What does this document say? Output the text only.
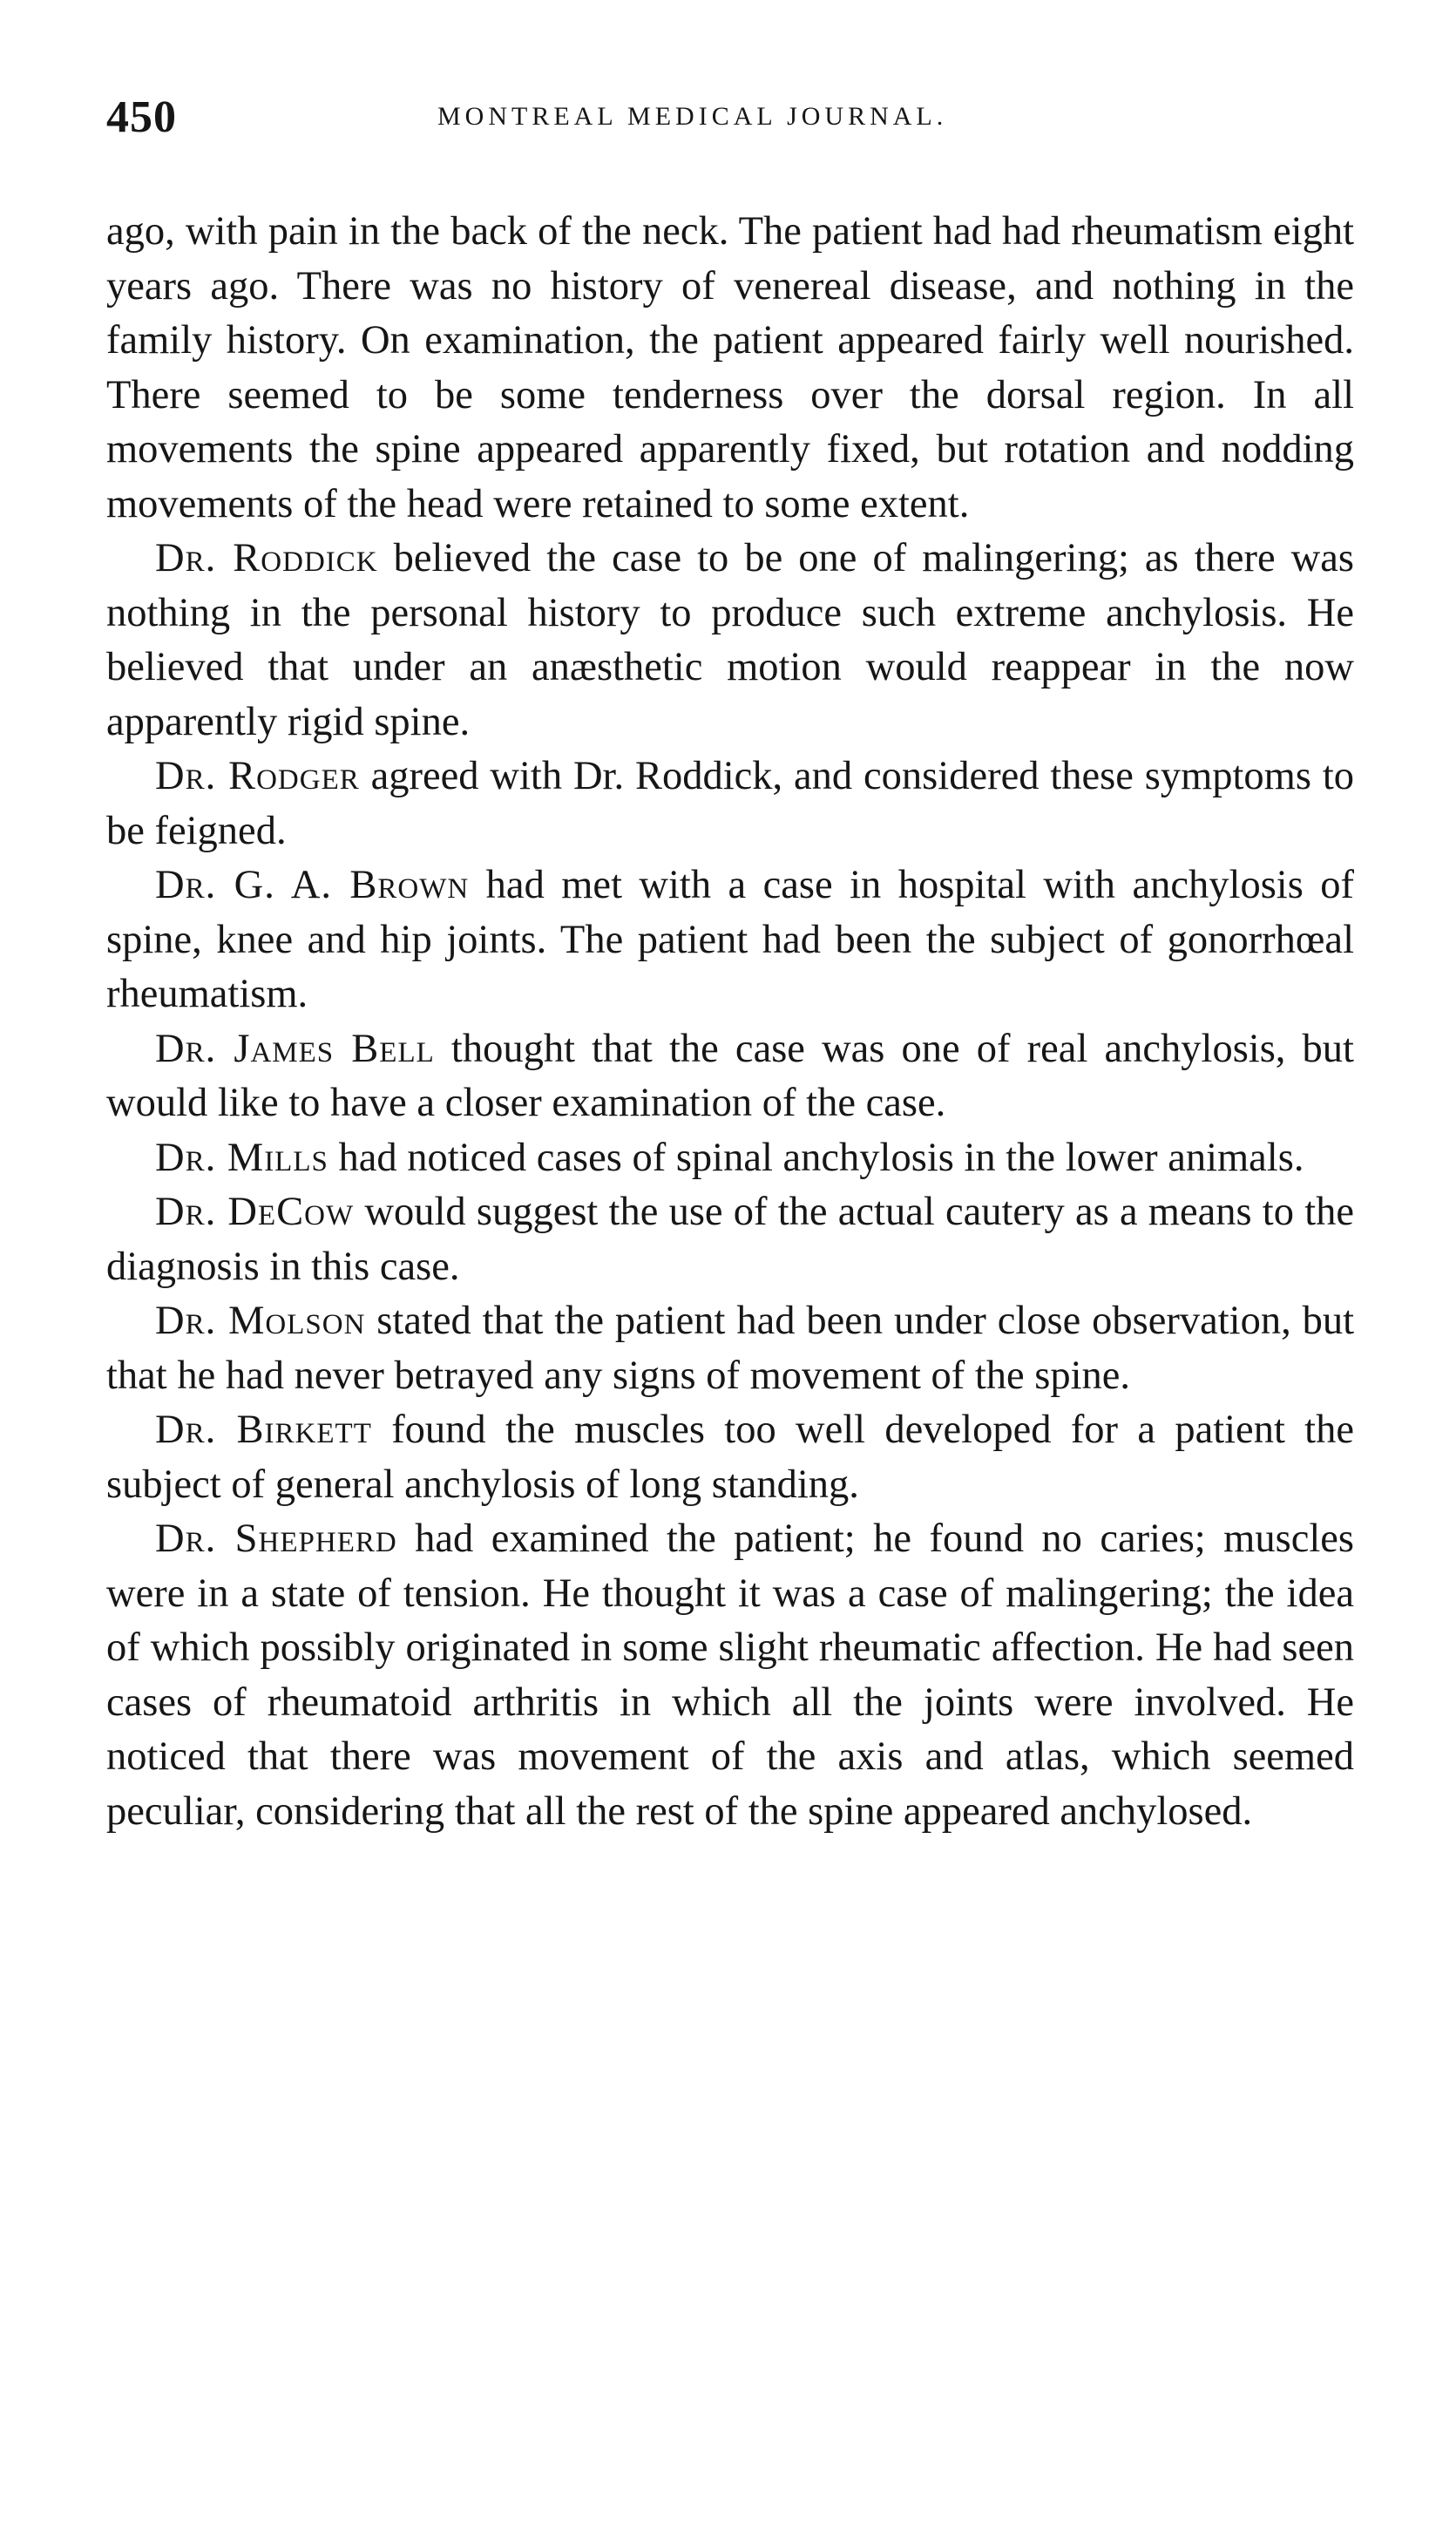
450	MONTREAL MEDICAL JOURNAL.

ago, with pain in the back of the neck. The patient had had rheumatism eight years ago. There was no history of venereal disease, and nothing in the family history. On examination, the patient appeared fairly well nourished. There seemed to be some tenderness over the dorsal region. In all movements the spine appeared apparently fixed, but rotation and nodding movements of the head were retained to some extent.

Dr. Roddick believed the case to be one of malingering; as there was nothing in the personal history to produce such extreme anchylosis. He believed that under an anæsthetic motion would reappear in the now apparently rigid spine.

Dr. Rodger agreed with Dr. Roddick, and considered these symptoms to be feigned.

Dr. G. A. Brown had met with a case in hospital with anchylosis of spine, knee and hip joints. The patient had been the subject of gonorrhœal rheumatism.

Dr. James Bell thought that the case was one of real anchylosis, but would like to have a closer examination of the case.

Dr. Mills had noticed cases of spinal anchylosis in the lower animals.

Dr. DeCow would suggest the use of the actual cautery as a means to the diagnosis in this case.

Dr. Molson stated that the patient had been under close observation, but that he had never betrayed any signs of movement of the spine.

Dr. Birkett found the muscles too well developed for a patient the subject of general anchylosis of long standing.

Dr. Shepherd had examined the patient; he found no caries; muscles were in a state of tension. He thought it was a case of malingering; the idea of which possibly originated in some slight rheumatic affection. He had seen cases of rheumatoid arthritis in which all the joints were involved. He noticed that there was movement of the axis and atlas, which seemed peculiar, considering that all the rest of the spine appeared anchylosed.
